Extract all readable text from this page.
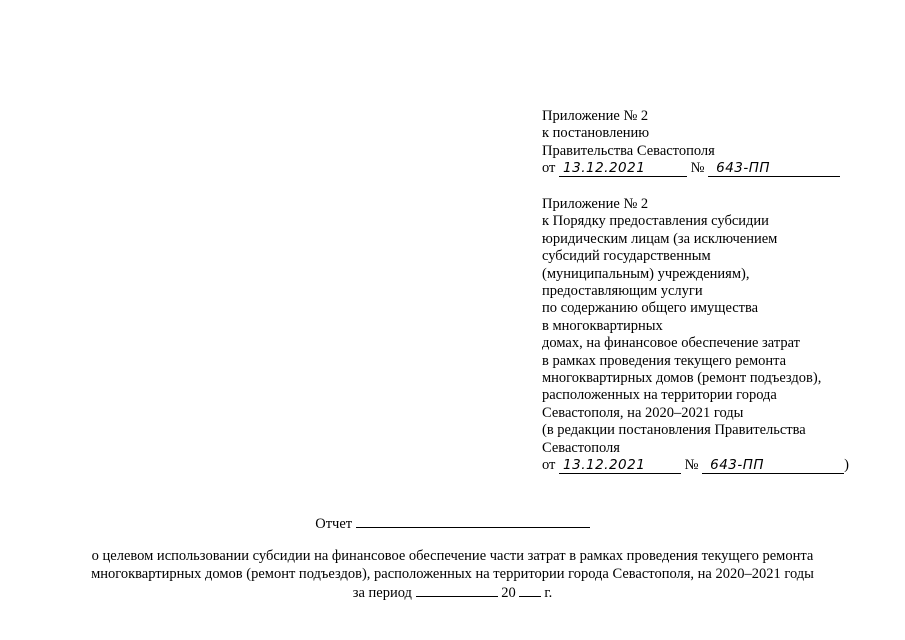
Приложение № 2
к постановлению
Правительства Севастополя
от 13.12.2021	№ 643-ПП
Приложение № 2
к Порядку предоставления субсидии
юридическим лицам (за исключением
субсидий государственным
(муниципальным) учреждениям),
предоставляющим услуги
по содержанию общего имущества
в многоквартирных
домах, на финансовое обеспечение затрат
в рамках проведения текущего ремонта
многоквартирных домов (ремонт подъездов),
расположенных на территории города
Севастополя, на 2020–2021 годы
(в редакции постановления Правительства
Севастополя
от 13.12.2021	№ 643-ПП	)
Отчет
о целевом использовании субсидии на финансовое обеспечение части затрат в рамках проведения текущего ремонта
многоквартирных домов (ремонт подъездов), расположенных на территории города Севастополя, на 2020–2021 годы
за период	20 г.
